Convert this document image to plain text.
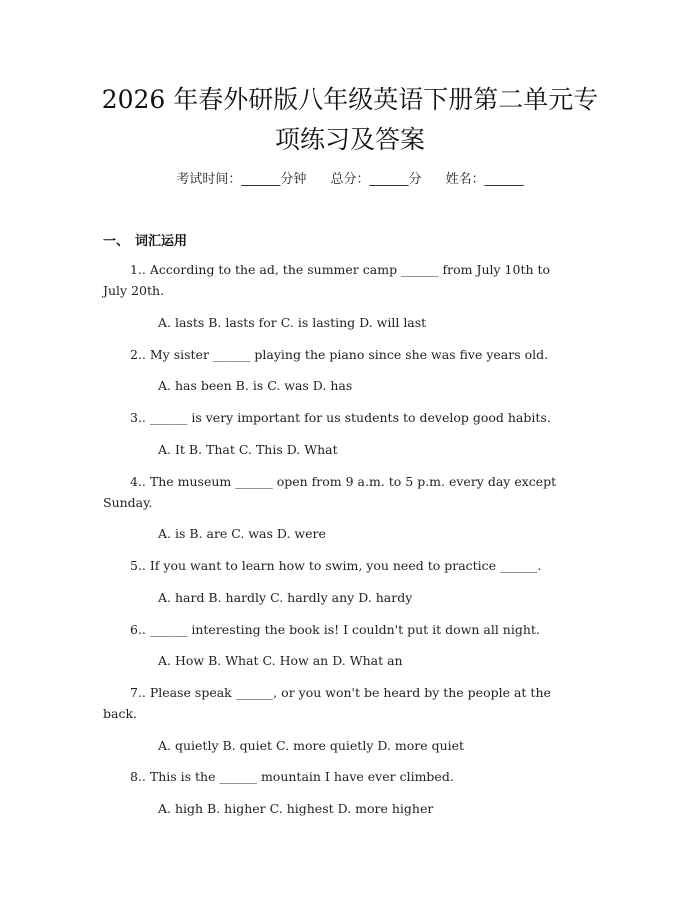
2026 年春外研版八年级英语下册第二单元专
项练习及答案
考试时间：______分钟 总分：______分 姓名：______
一、 词汇运用
1.. According to the ad, the summer camp ______ from July 10th to
July 20th.
A. lasts B. lasts for C. is lasting D. will last
2.. My sister ______ playing the piano since she was five years old.
A. has been B. is C. was D. has
3.. ______ is very important for us students to develop good habits.
A. It B. That C. This D. What
4.. The museum ______ open from 9 a.m. to 5 p.m. every day except
Sunday.
A. is B. are C. was D. were
5.. If you want to learn how to swim, you need to practice ______.
A. hard B. hardly C. hardly any D. hardy
6.. ______ interesting the book is! I couldn't put it down all night.
A. How B. What C. How an D. What an
7.. Please speak ______, or you won't be heard by the people at the
back.
A. quietly B. quiet C. more quietly D. more quiet
8.. This is the ______ mountain I have ever climbed.
A. high B. higher C. highest D. more higher
